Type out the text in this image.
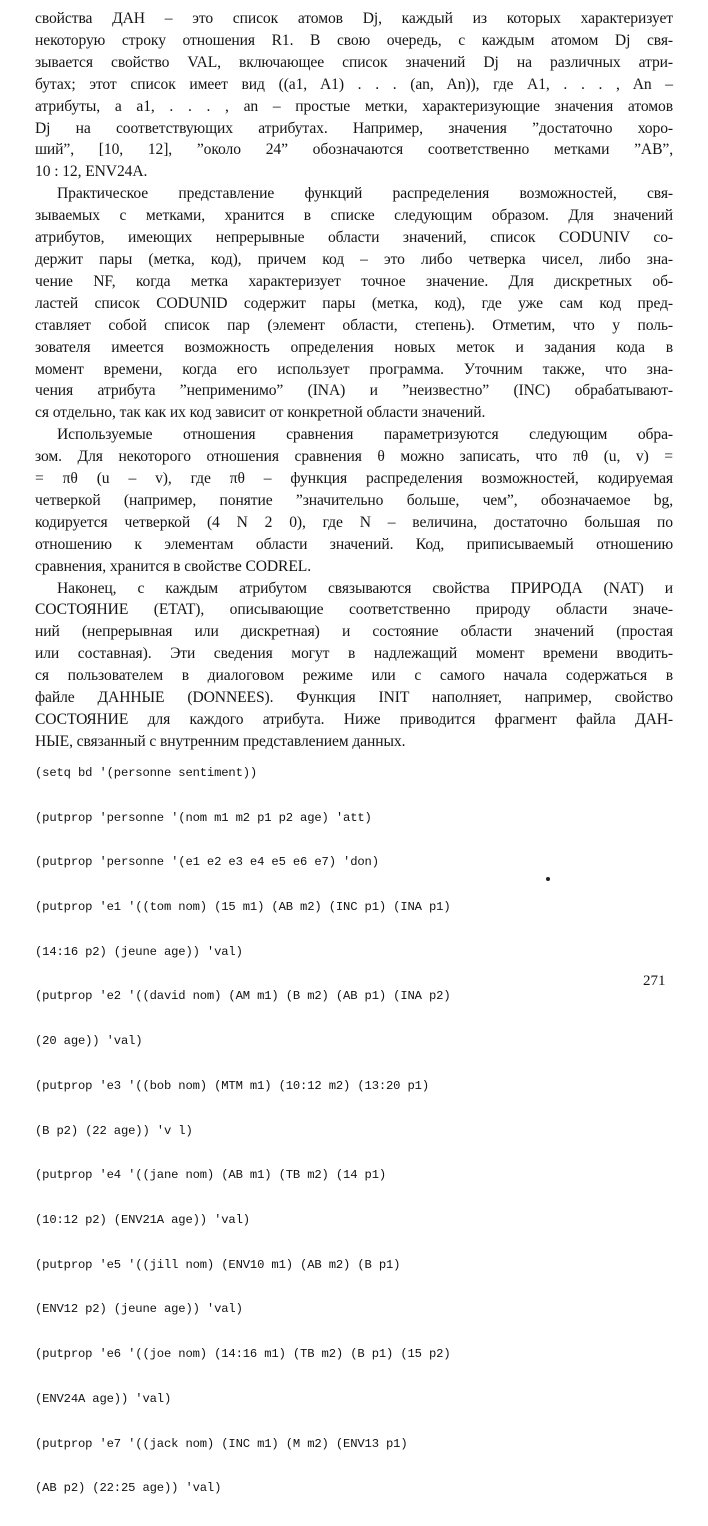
свойства ДАН – это список атомов Dj, каждый из которых характеризует
некоторую строку отношения R1. В свою очередь, с каждым атомом Dj свя-
зывается свойство VAL, включающее список значений Dj на различных атри-
бутах; этот список имеет вид ((a1, A1) . . . (an, An)), где A1, . . . , An –
атрибуты, а a1, . . . , an – простые метки, характеризующие значения атомов
Dj на соответствующих атрибутах. Например, значения ”достаточно хоро-
ший”, [10, 12], ”около 24” обозначаются соответственно метками ”AB”,
10 : 12, ENV24A.
Практическое представление функций распределения возможностей, свя-
зываемых с метками, хранится в списке следующим образом. Для значений
атрибутов, имеющих непрерывные области значений, список CODUNIV со-
держит пары (метка, код), причем код – это либо четверка чисел, либо зна-
чение NF, когда метка характеризует точное значение. Для дискретных об-
ластей список CODUNID содержит пары (метка, код), где уже сам код пред-
ставляет собой список пар (элемент области, степень). Отметим, что у поль-
зователя имеется возможность определения новых меток и задания кода в
момент времени, когда его использует программа. Уточним также, что зна-
чения атрибута ”неприменимо” (INA) и ”неизвестно” (INC) обрабатывают-
ся отдельно, так как их код зависит от конкретной области значений.
Используемые отношения сравнения параметризуются следующим обра-
зом. Для некоторого отношения сравнения θ можно записать, что πθ (u, v) =
= πθ (u – v), где πθ – функция распределения возможностей, кодируемая
четверкой (например, понятие ”значительно больше, чем”, обозначаемое bg,
кодируется четверкой (4 N 2 0), где N – величина, достаточно большая по
отношению к элементам области значений. Код, приписываемый отношению
сравнения, хранится в свойстве CODREL.
Наконец, с каждым атрибутом связываются свойства ПРИРОДА (NAT) и
СОСТОЯНИЕ (ETAT), описывающие соответственно природу области значе-
ний (непрерывная или дискретная) и состояние области значений (простая
или составная). Эти сведения могут в надлежащий момент времени вводить-
ся пользователем в диалоговом режиме или с самого начала содержаться в
файле ДАННЫЕ (DONNEES). Функция INIT наполняет, например, свойство
СОСТОЯНИЕ для каждого атрибута. Ниже приводится фрагмент файла ДАН-
НЫЕ, связанный с внутренним представлением данных.

(setq bd '(personne sentiment))

(putprop 'personne '(nom m1 m2 p1 p2 age) 'att)

(putprop 'personne '(e1 e2 e3 e4 e5 e6 e7) 'don)

(putprop 'e1 '((tom nom) (15 m1) (AB m2) (INC p1) (INA p1)

(14:16 p2) (jeune age)) 'val)

(putprop 'e2 '((david nom) (AM m1) (B m2) (AB p1) (INA p2)

(20 age)) 'val)

(putprop 'e3 '((bob nom) (MTM m1) (10:12 m2) (13:20 p1)

(B p2) (22 age)) 'v l)

(putprop 'e4 '((jane nom) (AB m1) (TB m2) (14 p1)

(10:12 p2) (ENV21A age)) 'val)

(putprop 'e5 '((jill nom) (ENV10 m1) (AB m2) (B p1)

(ENV12 p2) (jeune age)) 'val)

(putprop 'e6 '((joe nom) (14:16 m1) (TB m2) (B p1) (15 p2)

(ENV24A age)) 'val)

(putprop 'e7 '((jack nom) (INC m1) (M m2) (ENV13 p1)

(AB p2) (22:25 age)) 'val)

271
